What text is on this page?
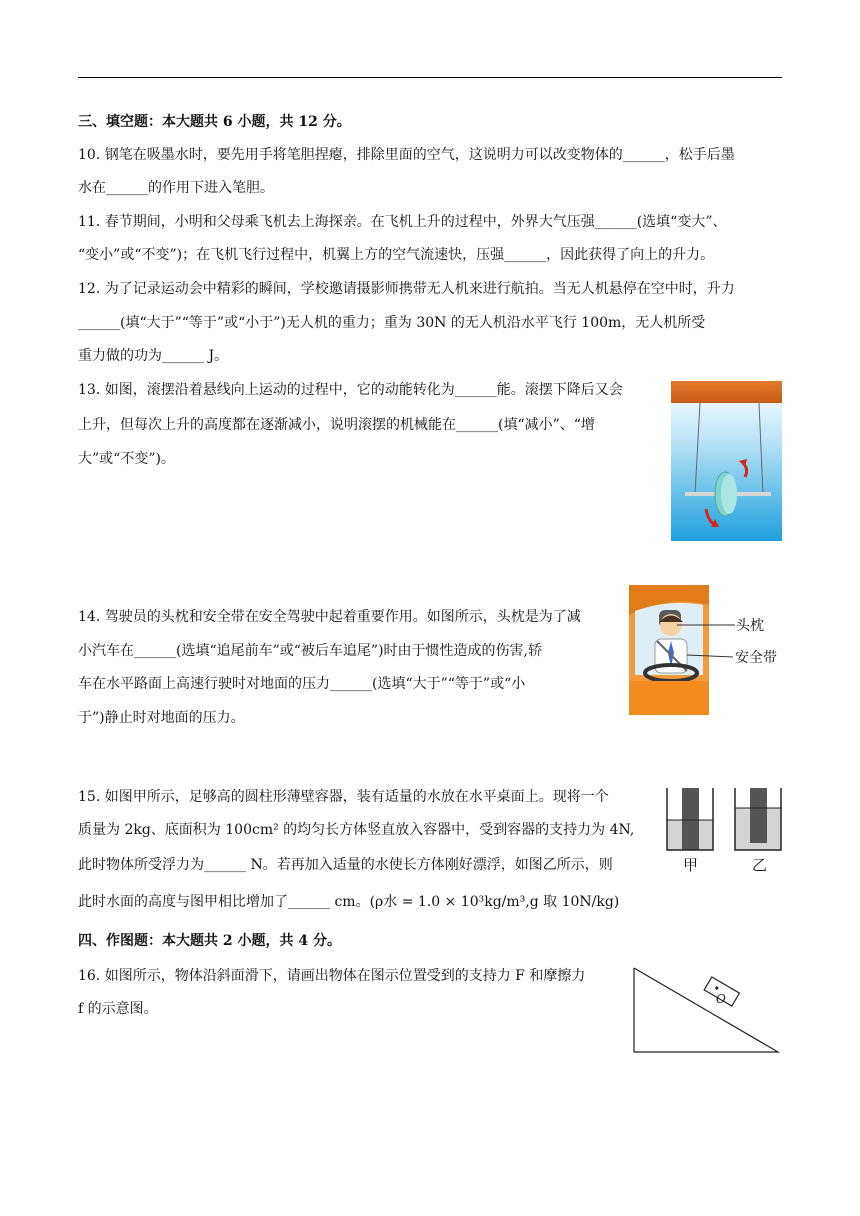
三、填空题：本大题共 6 小题，共 12 分。
10. 钢笔在吸墨水时，要先用手将笔胆捏瘪，排除里面的空气，这说明力可以改变物体的______，松手后墨
水在______的作用下进入笔胆。
11. 春节期间，小明和父母乘飞机去上海探亲。在飞机上升的过程中，外界大气压强______(选填“变大”、
“变小”或“不变”)；在飞机飞行过程中，机翼上方的空气流速快，压强______，因此获得了向上的升力。
12. 为了记录运动会中精彩的瞬间，学校邀请摄影师携带无人机来进行航拍。当无人机悬停在空中时，升力
______(填“大于”“等于”或“小于”)无人机的重力；重为 30N 的无人机沿水平飞行 100m，无人机所受
重力做的功为______ J。
13. 如图，滚摆沿着悬线向上运动的过程中，它的动能转化为______能。滚摆下降后又会
上升，但每次上升的高度都在逐渐减小，说明滚摆的机械能在______(填“减小”、“增
大”或“不变”)。
14. 驾驶员的头枕和安全带在安全驾驶中起着重要作用。如图所示，头枕是为了减
小汽车在______(选填“追尾前车”或“被后车追尾”)时由于惯性造成的伤害,轿
车在水平路面上高速行驶时对地面的压力______(选填“大于”“等于”或“小
于”)静止时对地面的压力。
头枕
安全带
15. 如图甲所示，足够高的圆柱形薄壁容器，装有适量的水放在水平桌面上。现将一个
质量为 2kg、底面积为 100cm² 的均匀长方体竖直放入容器中，受到容器的支持力为 4N,
此时物体所受浮力为______ N。若再加入适量的水使长方体刚好漂浮，如图乙所示，则
此时水面的高度与图甲相比增加了______ cm。(ρ水 = 1.0 × 10³kg/m³,g 取 10N/kg)
甲	乙
四、作图题：本大题共 2 小题，共 4 分。
16. 如图所示，物体沿斜面滑下，请画出物体在图示位置受到的支持力 F 和摩擦力
f 的示意图。
O
